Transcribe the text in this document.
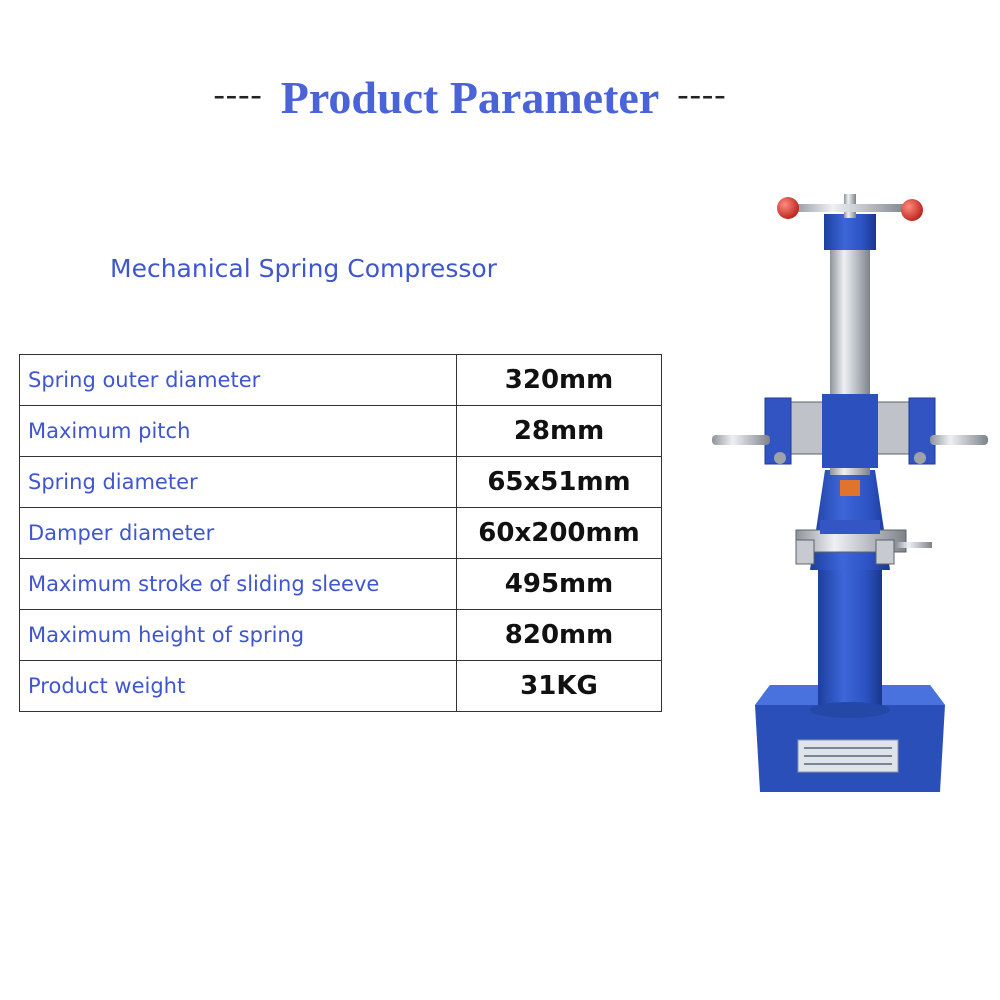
---- Product Parameter ----
Mechanical Spring Compressor
Spring outer diameter	320mm
Maximum pitch	28mm
Spring diameter	65x51mm
Damper diameter	60x200mm
Maximum stroke of sliding sleeve	495mm
Maximum height of spring	820mm
Product weight	31KG
